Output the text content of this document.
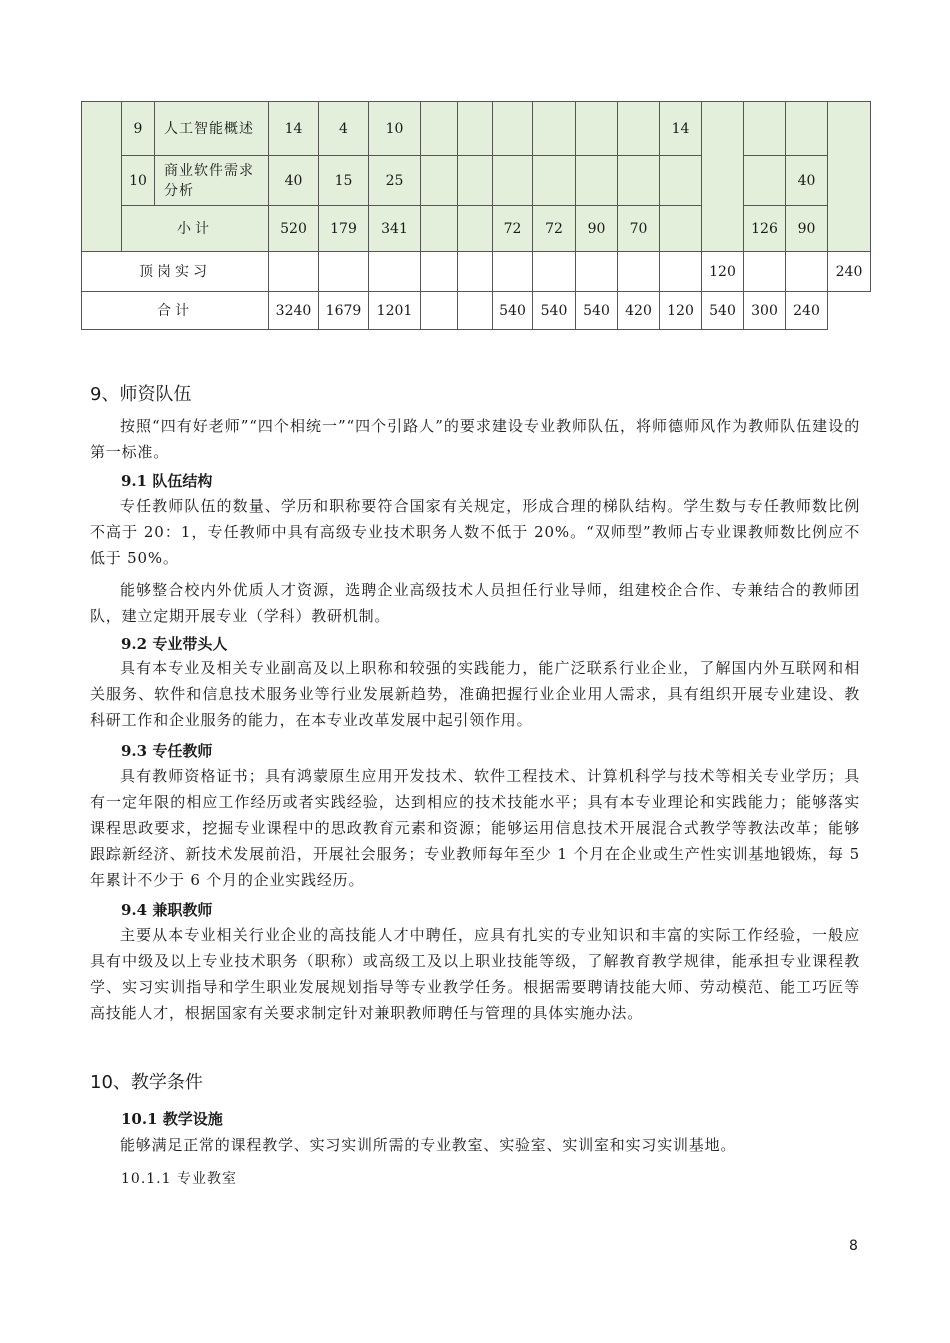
	9	人工智能概述	14	4	10							14				
	10	商业软件需求分析	40	15	25										40	
	小计		520	179	341			72	72	90	70			126	90	
顶岗实习													120			240
合计			3240	1679	1201			540	540	540	420	120	540	300	240	
9、师资队伍

按照“四有好老师”“四个相统一”“四个引路人”的要求建设专业教师队伍，将师德师风作为教师队伍建设的第一标准。

9.1 队伍结构

专任教师队伍的数量、学历和职称要符合国家有关规定，形成合理的梯队结构。学生数与专任教师数比例不高于 20：1，专任教师中具有高级专业技术职务人数不低于 20%。“双师型”教师占专业课教师数比例应不低于 50%。

能够整合校内外优质人才资源，选聘企业高级技术人员担任行业导师，组建校企合作、专兼结合的教师团队，建立定期开展专业（学科）教研机制。

9.2 专业带头人

具有本专业及相关专业副高及以上职称和较强的实践能力，能广泛联系行业企业，了解国内外互联网和相关服务、软件和信息技术服务业等行业发展新趋势，准确把握行业企业用人需求，具有组织开展专业建设、教科研工作和企业服务的能力，在本专业改革发展中起引领作用。

9.3 专任教师

具有教师资格证书；具有鸿蒙原生应用开发技术、软件工程技术、计算机科学与技术等相关专业学历；具有一定年限的相应工作经历或者实践经验，达到相应的技术技能水平；具有本专业理论和实践能力；能够落实课程思政要求，挖掘专业课程中的思政教育元素和资源；能够运用信息技术开展混合式教学等教法改革；能够跟踪新经济、新技术发展前沿，开展社会服务；专业教师每年至少 1 个月在企业或生产性实训基地锻炼，每 5 年累计不少于 6 个月的企业实践经历。

9.4 兼职教师

主要从本专业相关行业企业的高技能人才中聘任，应具有扎实的专业知识和丰富的实际工作经验，一般应具有中级及以上专业技术职务（职称）或高级工及以上职业技能等级，了解教育教学规律，能承担专业课程教学、实习实训指导和学生职业发展规划指导等专业教学任务。根据需要聘请技能大师、劳动模范、能工巧匠等高技能人才，根据国家有关要求制定针对兼职教师聘任与管理的具体实施办法。

10、教学条件
10.1 教学设施

能够满足正常的课程教学、实习实训所需的专业教室、实验室、实训室和实习实训基地。

10.1.1 专业教室

8
